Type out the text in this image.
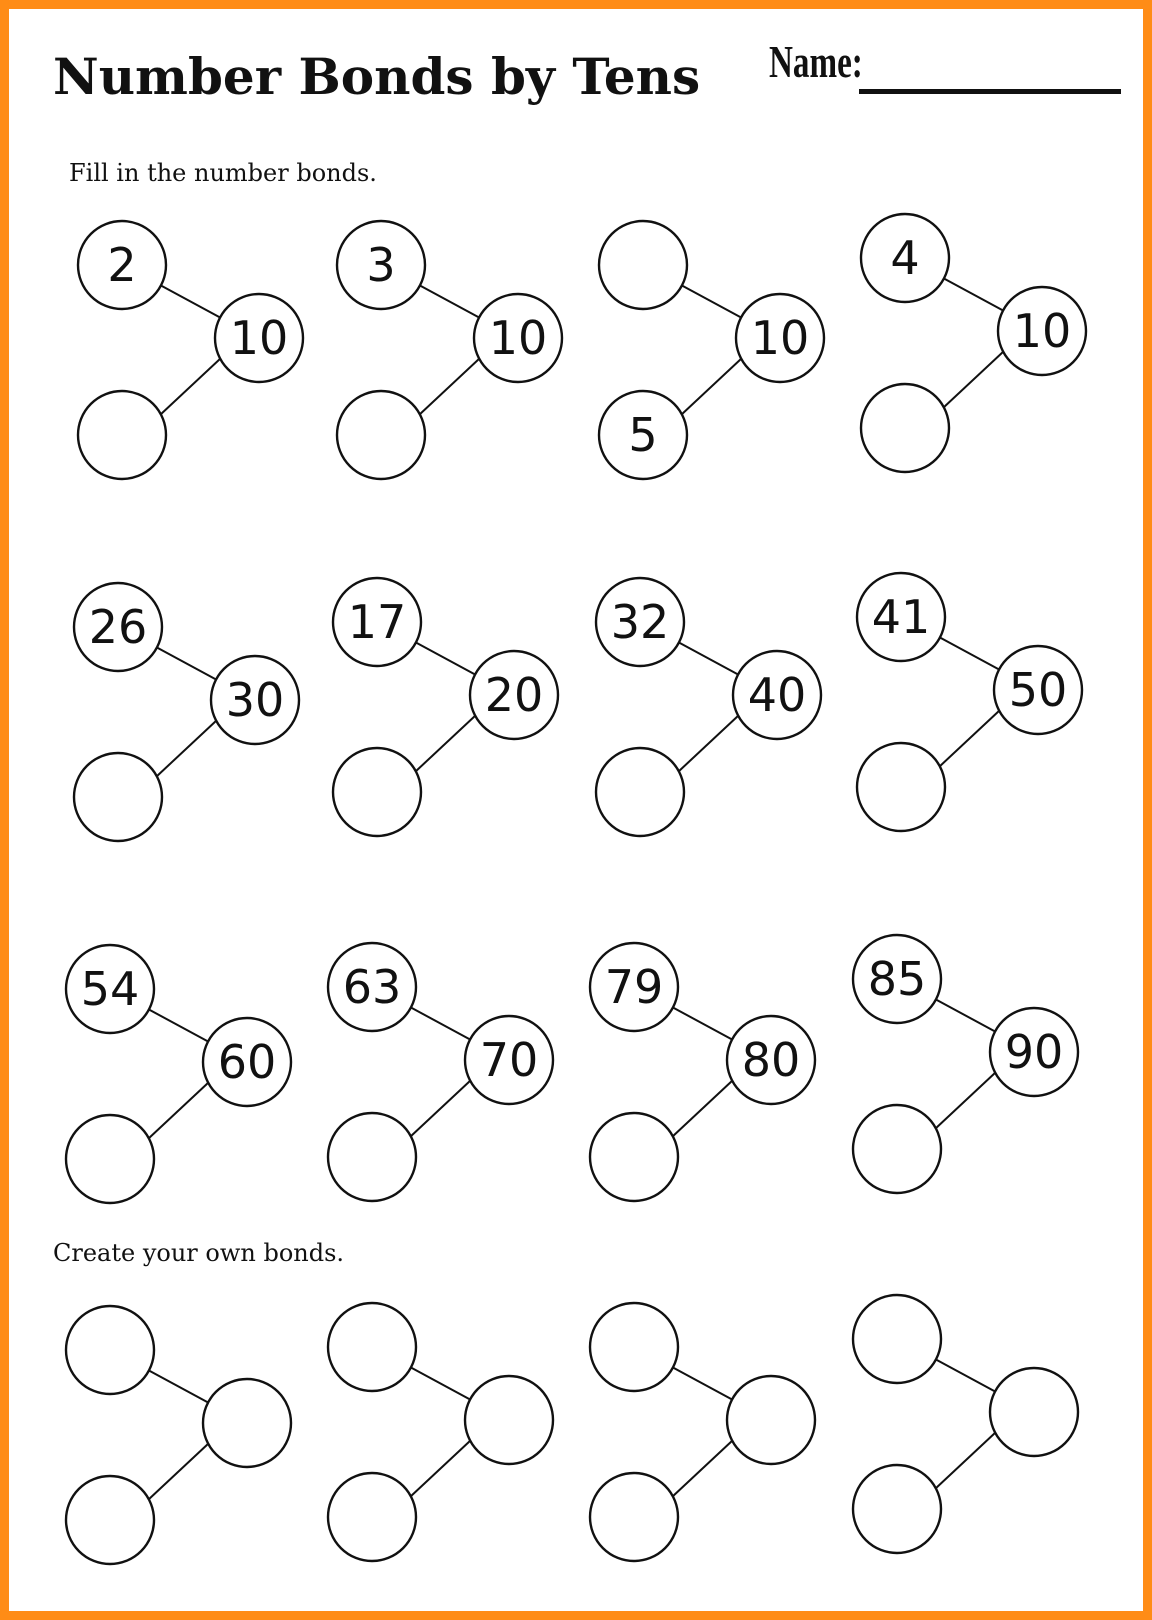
Number Bonds by Tens Name:
Fill in the number bonds.
Create your own bonds.
2
10
3
10	10
5
4
10
26
30
17
20
32
40
41
50
54
60
63
70
79
80
85
90
